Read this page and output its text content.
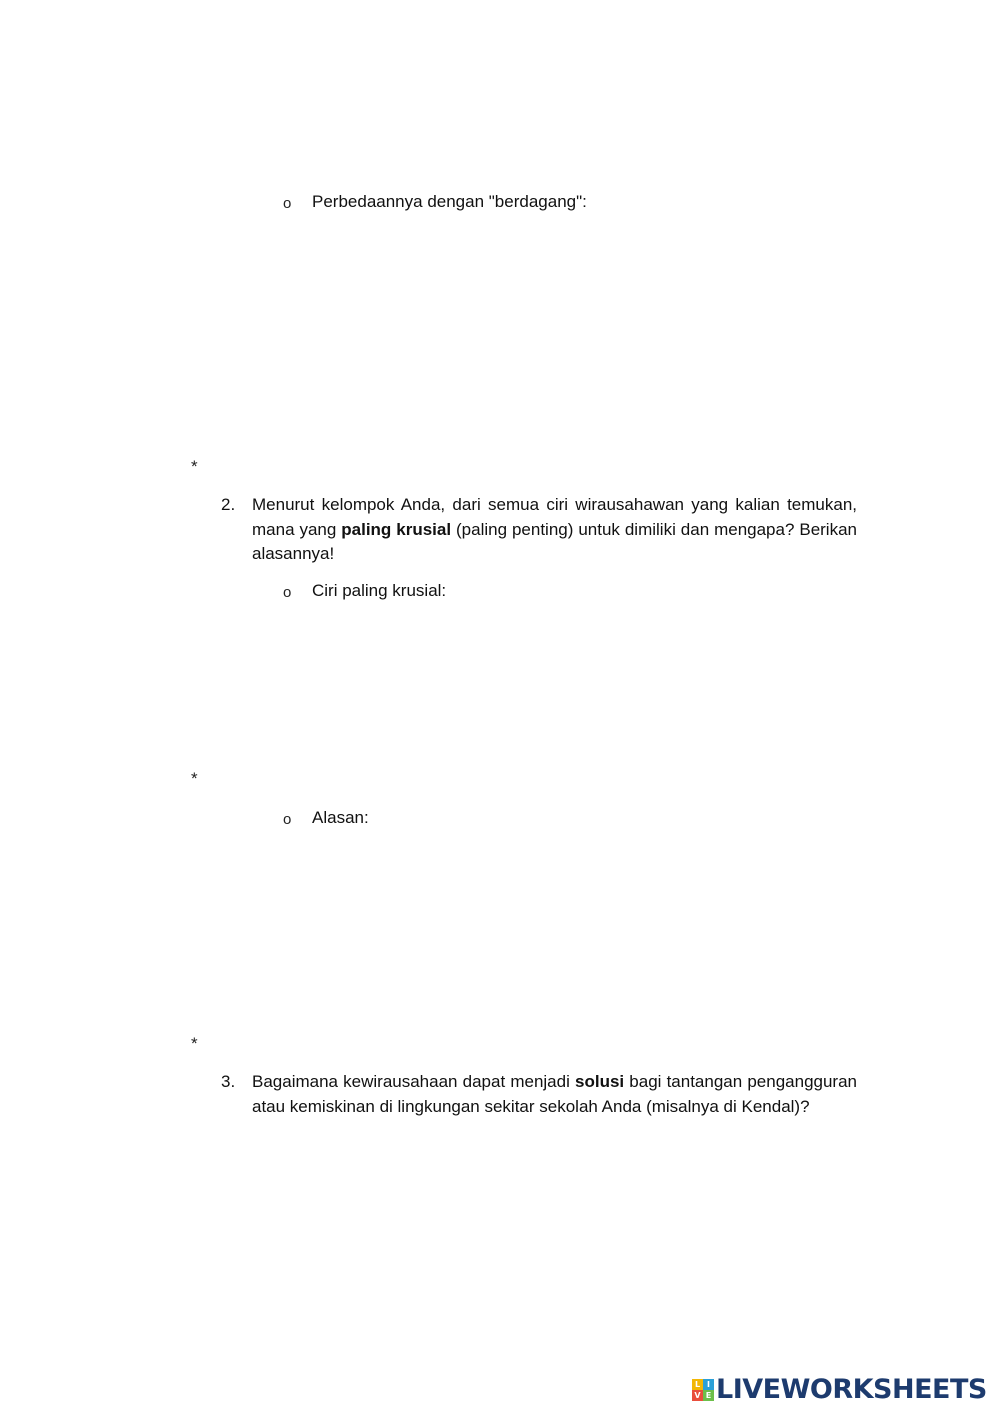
o Perbedaannya dengan "berdagang":
*
2. Menurut kelompok Anda, dari semua ciri wirausahawan yang kalian temukan, mana yang paling krusial (paling penting) untuk dimiliki dan mengapa? Berikan alasannya!
o Ciri paling krusial:
*
o Alasan:
*
3. Bagaimana kewirausahaan dapat menjadi solusi bagi tantangan pengangguran atau kemiskinan di lingkungan sekitar sekolah Anda (misalnya di Kendal)?
L I
V E LIVEWORKSHEETS
